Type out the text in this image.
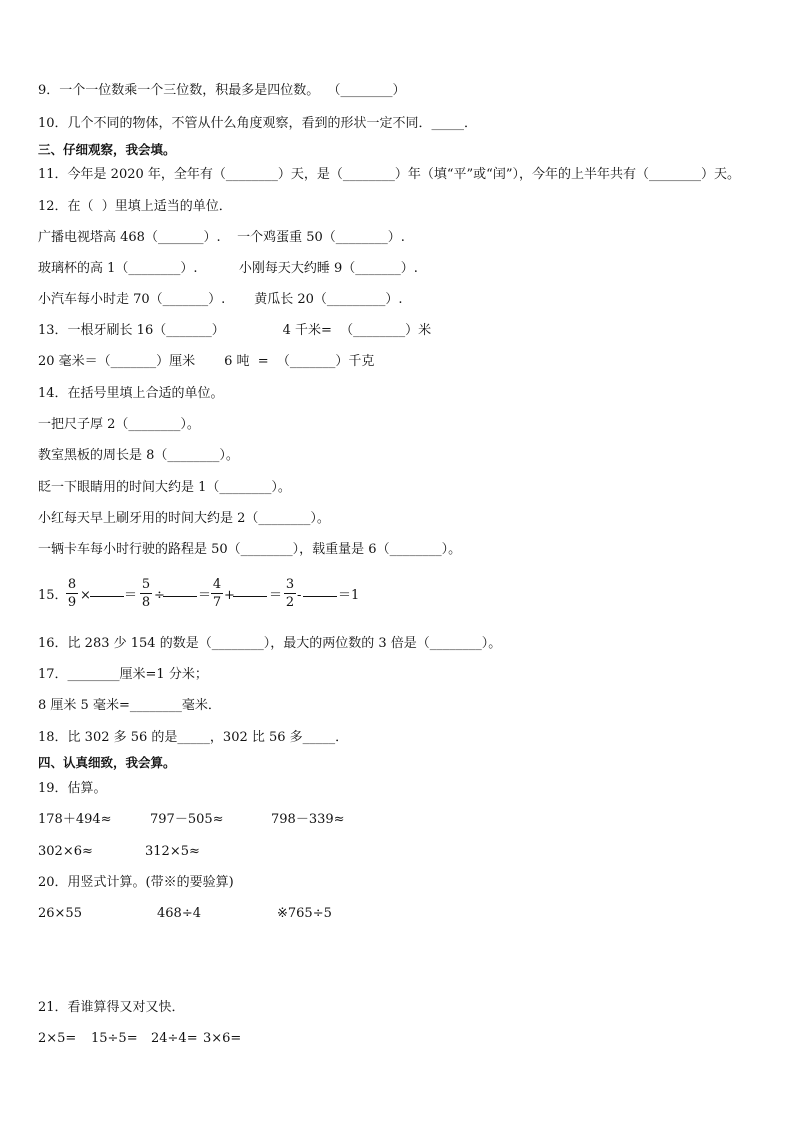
9．一个一位数乘一个三位数，积最多是四位数。  （________）
10．几个不同的物体，不管从什么角度观察，看到的形状一定不同．_____．
三、仔细观察，我会填。
11．今年是 2020 年，全年有（________）天，是（________）年（填“平”或“闰”），今年的上半年共有（________）天。
12．在（  ）里填上适当的单位．
广播电视塔高 468（_______）.    一个鸡蛋重 50（________）.
玻璃杯的高 1（________）.          小刚每天大约睡 9（_______）.
小汽车每小时走 70（_______）.       黄瓜长 20（_________）.
13．一根牙刷长 16（_______）              4 千米=  （________）米
20 毫米＝（_______）厘米       6 吨  =  （_______）千克
14．在括号里填上合适的单位。
一把尺子厚 2（________）。
教室黑板的周长是 8（________）。
眨一下眼睛用的时间大约是 1（________）。
小红每天早上刷牙用的时间大约是 2（________）。
一辆卡车每小时行驶的路程是 50（________），载重量是 6（________）。
15．
$\frac{8}{9}$ ×	＝ $\frac{5}{8}$ ÷	＝ $\frac{4}{7}$ +	＝ $\frac{3}{2}$ -	＝1
16．比 283 少 154 的数是（________），最大的两位数的 3 倍是（________）。
17．________厘米=1 分米；
8 厘米 5 毫米=________毫米．
18．比 302 多 56 的是_____，302 比 56 多_____．
四、认真细致，我会算。
19．估算。
178＋494≈	797－505≈	798－339≈
302×6≈	312×5≈
20．用竖式计算。(带※的要验算)
26×55	468÷4	※765÷5
21．看谁算得又对又快．
2×5= 15÷5= 24÷4= 3×6=
